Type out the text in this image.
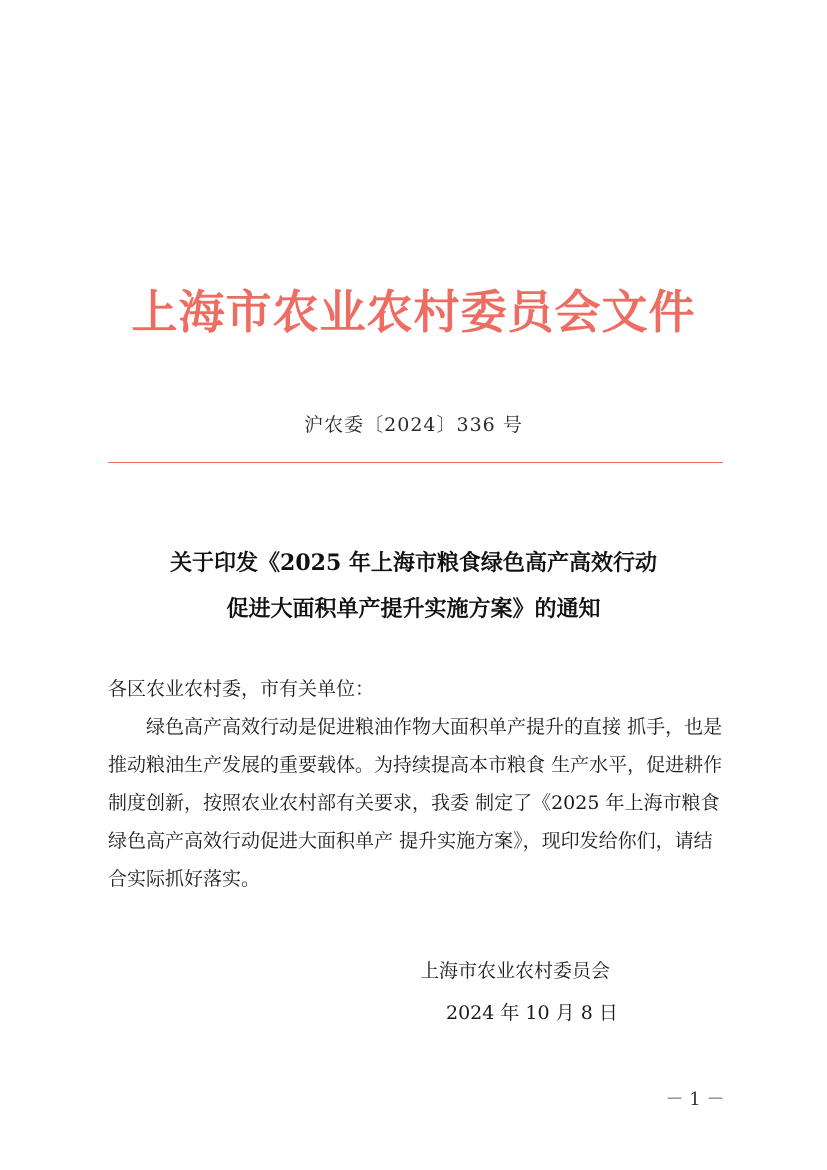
上海市农业农村委员会文件
沪农委〔2024〕336 号
关于印发《2025 年上海市粮食绿色高产高效行动
促进大面积单产提升实施方案》的通知
各区农业农村委，市有关单位：
绿色高产高效行动是促进粮油作物大面积单产提升的直接 抓手，也是推动粮油生产发展的重要载体。为持续提高本市粮食 生产水平，促进耕作制度创新，按照农业农村部有关要求，我委 制定了《2025 年上海市粮食绿色高产高效行动促进大面积单产 提升实施方案》，现印发给你们，请结合实际抓好落实。
上海市农业农村委员会
2024 年 10 月 8 日
－ 1 －
